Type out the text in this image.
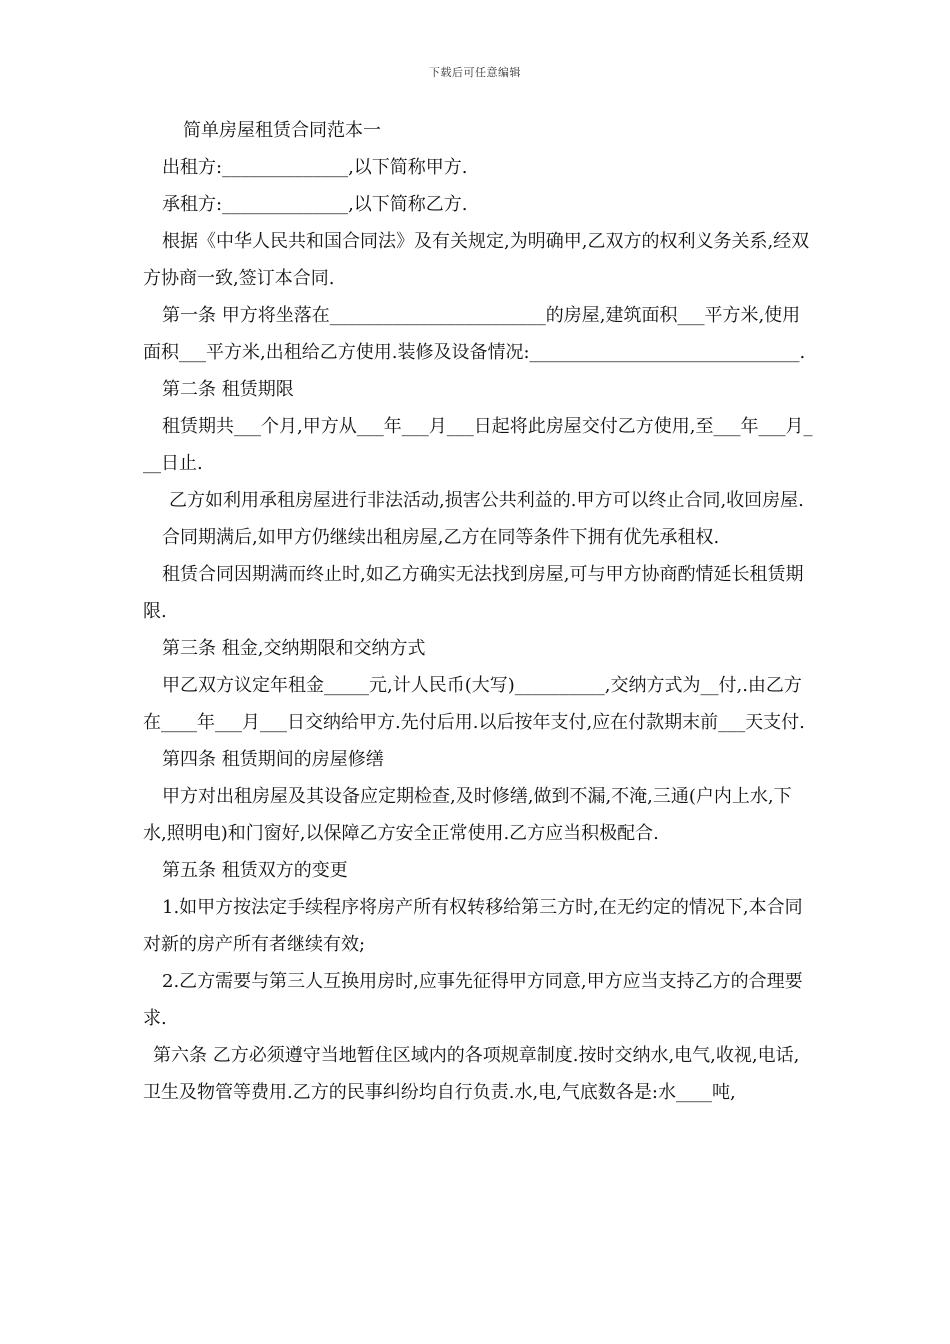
下载后可任意编辑

简单房屋租赁合同范本一

出租方:______________,以下简称甲方.

承租方:______________,以下简称乙方.

根据《中华人民共和国合同法》及有关规定,为明确甲,乙双方的权利义务关系,经双方协商一致,签订本合同.

第一条 甲方将坐落在________________________的房屋,建筑面积___平方米,使用面积___平方米,出租给乙方使用.装修及设备情况:______________________________.

第二条 租赁期限

租赁期共___个月,甲方从___年___月___日起将此房屋交付乙方使用,至___年___月___日止.

乙方如利用承租房屋进行非法活动,损害公共利益的.甲方可以终止合同,收回房屋.

合同期满后,如甲方仍继续出租房屋,乙方在同等条件下拥有优先承租权.

租赁合同因期满而终止时,如乙方确实无法找到房屋,可与甲方协商酌情延长租赁期限.

第三条 租金,交纳期限和交纳方式

甲乙双方议定年租金_____元,计人民币(大写)__________,交纳方式为__付,.由乙方在____年___月___日交纳给甲方.先付后用.以后按年支付,应在付款期末前___天支付.

第四条 租赁期间的房屋修缮

甲方对出租房屋及其设备应定期检查,及时修缮,做到不漏,不淹,三通(户内上水,下水,照明电)和门窗好,以保障乙方安全正常使用.乙方应当积极配合.

第五条 租赁双方的变更

1.如甲方按法定手续程序将房产所有权转移给第三方时,在无约定的情况下,本合同对新的房产所有者继续有效;

2.乙方需要与第三人互换用房时,应事先征得甲方同意,甲方应当支持乙方的合理要求.

第六条 乙方必须遵守当地暂住区域内的各项规章制度.按时交纳水,电气,收视,电话,卫生及物管等费用.乙方的民事纠纷均自行负责.水,电,气底数各是:水____吨,
